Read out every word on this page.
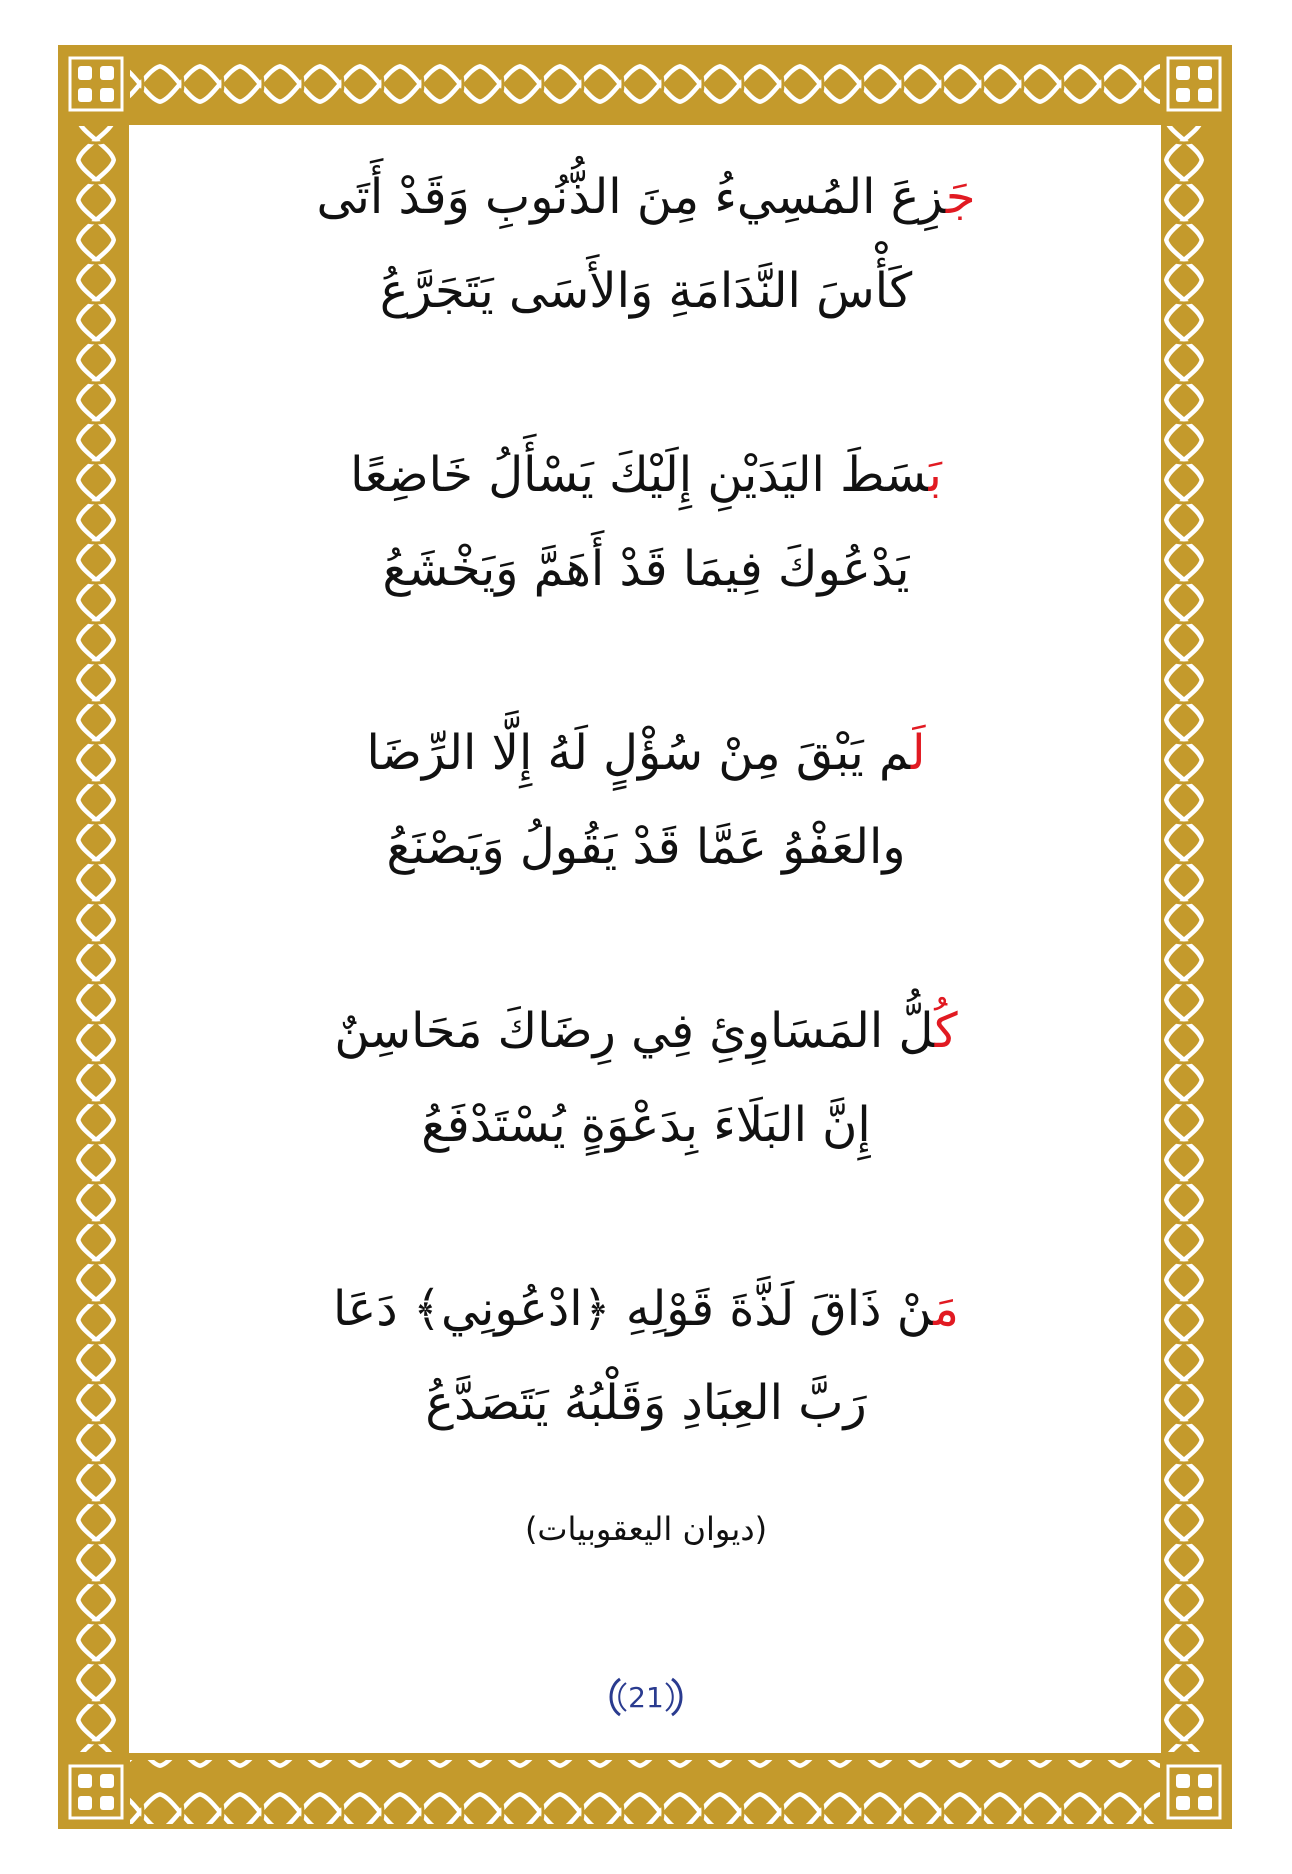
جَزِعَ المُسِيءُ مِنَ الذُّنُوبِ وَقَدْ أَتَى
كَأْسَ النَّدَامَةِ وَالأَسَى يَتَجَرَّعُ
بَسَطَ اليَدَيْنِ إِلَيْكَ يَسْأَلُ خَاضِعًا
يَدْعُوكَ فِيمَا قَدْ أَهَمَّ وَيَخْشَعُ
لَم يَبْقَ مِنْ سُؤْلٍ لَهُ إِلَّا الرِّضَا
والعَفْوُ عَمَّا قَدْ يَقُولُ وَيَصْنَعُ
كُلُّ المَسَاوِئِ فِي رِضَاكَ مَحَاسِنٌ
إِنَّ البَلَاءَ بِدَعْوَةٍ يُسْتَدْفَعُ
مَنْ ذَاقَ لَذَّةَ قَوْلِهِ ﴿ادْعُونِي﴾ دَعَا
رَبَّ العِبَادِ وَقَلْبُهُ يَتَصَدَّعُ
(ديوان اليعقوبيات)
21
